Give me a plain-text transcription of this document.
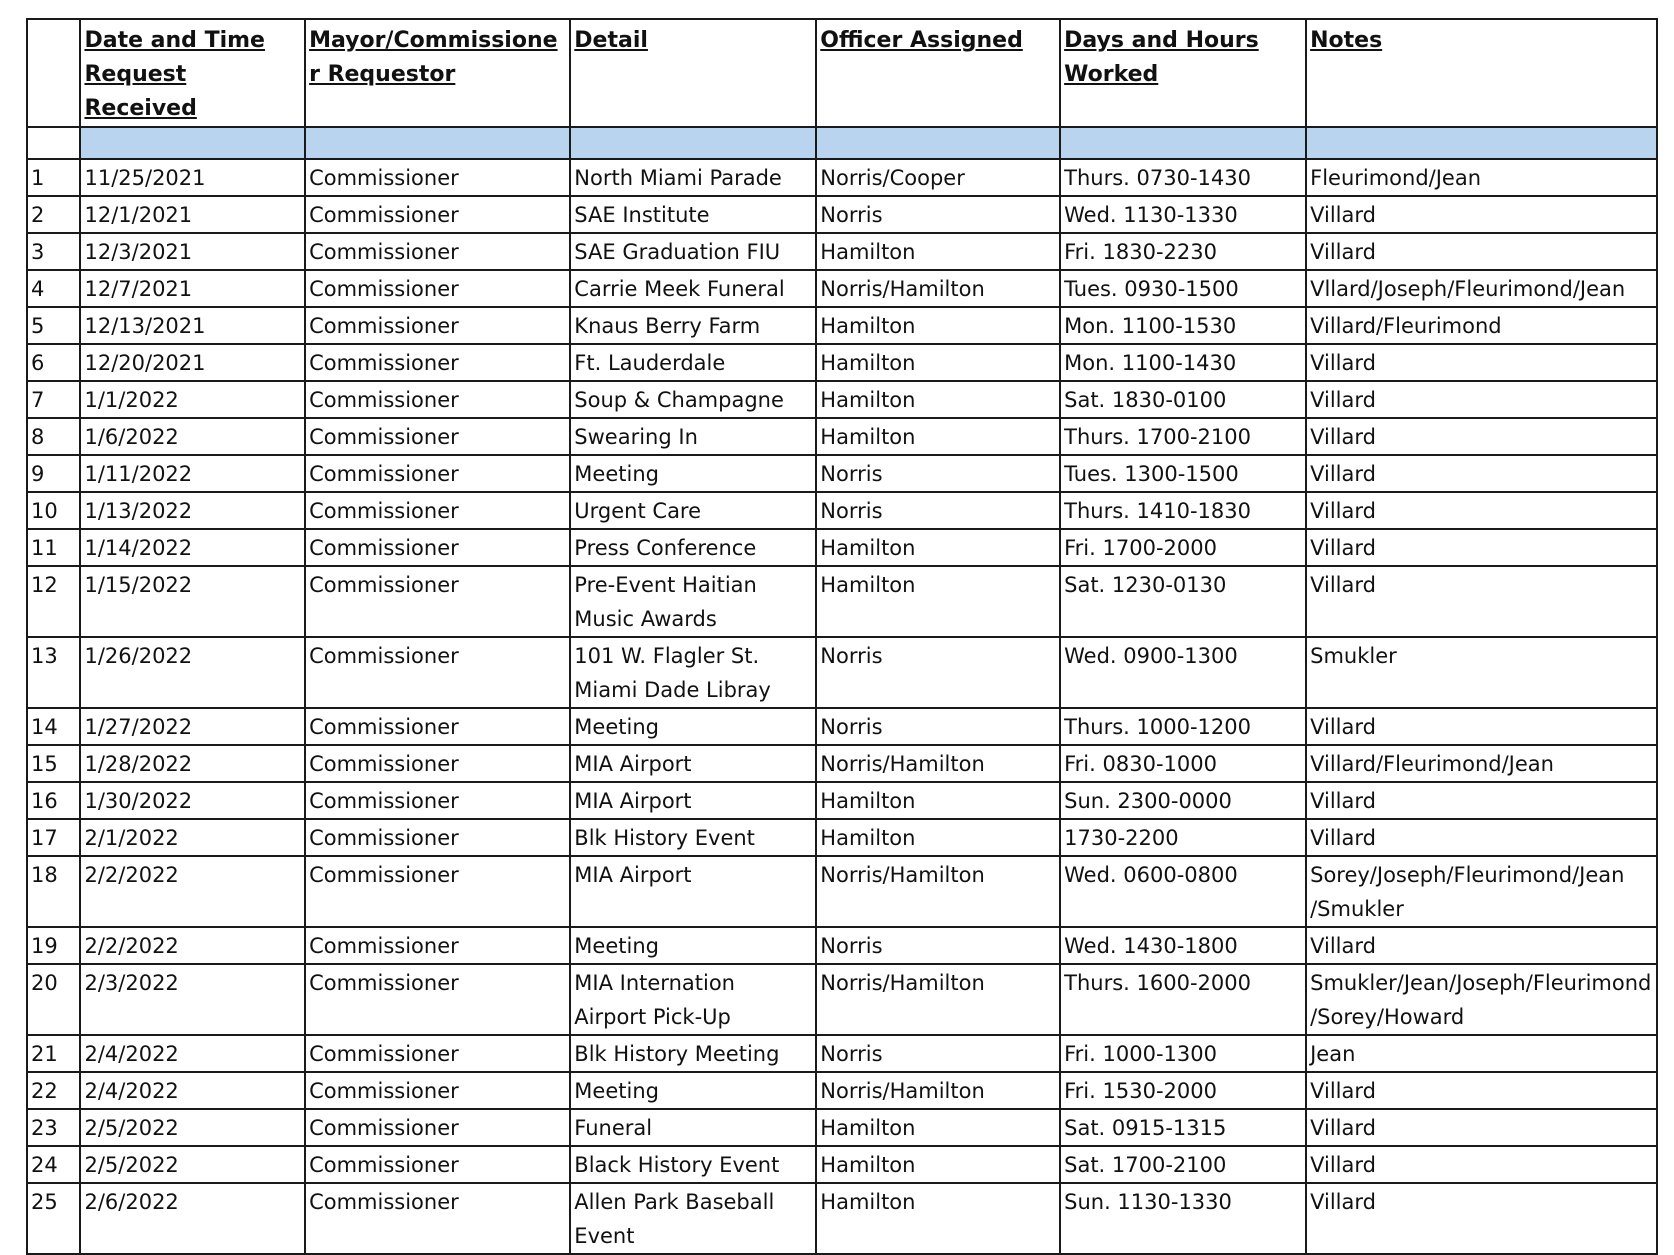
	Date and Time Request Received	Mayor/Commissioner Requestor	Detail	Officer Assigned	Days and Hours Worked	Notes

1	11/25/2021	Commissioner	North Miami Parade	Norris/Cooper	Thurs. 0730-1430	Fleurimond/Jean
2	12/1/2021	Commissioner	SAE Institute	Norris	Wed. 1130-1330	Villard
3	12/3/2021	Commissioner	SAE Graduation FIU	Hamilton	Fri. 1830-2230	Villard
4	12/7/2021	Commissioner	Carrie Meek Funeral	Norris/Hamilton	Tues. 0930-1500	Vllard/Joseph/Fleurimond/Jean
5	12/13/2021	Commissioner	Knaus Berry Farm	Hamilton	Mon. 1100-1530	Villard/Fleurimond
6	12/20/2021	Commissioner	Ft. Lauderdale	Hamilton	Mon. 1100-1430	Villard
7	1/1/2022	Commissioner	Soup & Champagne	Hamilton	Sat. 1830-0100	Villard
8	1/6/2022	Commissioner	Swearing In	Hamilton	Thurs. 1700-2100	Villard
9	1/11/2022	Commissioner	Meeting	Norris	Tues. 1300-1500	Villard
10	1/13/2022	Commissioner	Urgent Care	Norris	Thurs. 1410-1830	Villard
11	1/14/2022	Commissioner	Press Conference	Hamilton	Fri. 1700-2000	Villard
12	1/15/2022	Commissioner	Pre-Event Haitian Music Awards	Hamilton	Sat. 1230-0130	Villard
13	1/26/2022	Commissioner	101 W. Flagler St. Miami Dade Libray	Norris	Wed. 0900-1300	Smukler
14	1/27/2022	Commissioner	Meeting	Norris	Thurs. 1000-1200	Villard
15	1/28/2022	Commissioner	MIA Airport	Norris/Hamilton	Fri. 0830-1000	Villard/Fleurimond/Jean
16	1/30/2022	Commissioner	MIA Airport	Hamilton	Sun. 2300-0000	Villard
17	2/1/2022	Commissioner	Blk History Event	Hamilton	1730-2200	Villard
18	2/2/2022	Commissioner	MIA Airport	Norris/Hamilton	Wed. 0600-0800	Sorey/Joseph/Fleurimond/Jean /Smukler
19	2/2/2022	Commissioner	Meeting	Norris	Wed. 1430-1800	Villard
20	2/3/2022	Commissioner	MIA Internation Airport Pick-Up	Norris/Hamilton	Thurs. 1600-2000	Smukler/Jean/Joseph/Fleurimond/Sorey/Howard
21	2/4/2022	Commissioner	Blk History Meeting	Norris	Fri. 1000-1300	Jean
22	2/4/2022	Commissioner	Meeting	Norris/Hamilton	Fri. 1530-2000	Villard
23	2/5/2022	Commissioner	Funeral	Hamilton	Sat. 0915-1315	Villard
24	2/5/2022	Commissioner	Black History Event	Hamilton	Sat. 1700-2100	Villard
25	2/6/2022	Commissioner	Allen Park Baseball Event	Hamilton	Sun. 1130-1330	Villard
